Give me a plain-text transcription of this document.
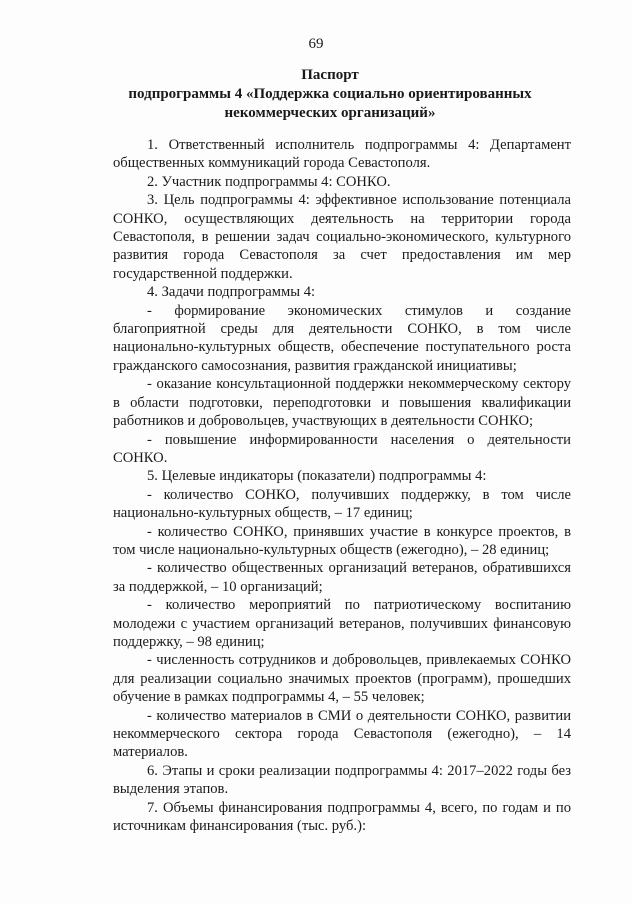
69
Паспорт
подпрограммы 4 «Поддержка социально ориентированных
некоммерческих организаций»

1. Ответственный исполнитель подпрограммы 4: Департамент общественных коммуникаций города Севастополя.

2. Участник подпрограммы 4: СОНКО.

3. Цель подпрограммы 4: эффективное использование потенциала СОНКО, осуществляющих деятельность на территории города Севастополя, в решении задач социально-экономического, культурного развития города Севастополя за счет предоставления им мер государственной поддержки.

4. Задачи подпрограммы 4:

- формирование экономических стимулов и создание благоприятной среды для деятельности СОНКО, в том числе национально-культурных обществ, обеспечение поступательного роста гражданского самосознания, развития гражданской инициативы;

- оказание консультационной поддержки некоммерческому сектору в области подготовки, переподготовки и повышения квалификации работников и добровольцев, участвующих в деятельности СОНКО;

- повышение информированности населения о деятельности СОНКО.

5. Целевые индикаторы (показатели) подпрограммы 4:

- количество СОНКО, получивших поддержку, в том числе национально-культурных обществ, – 17 единиц;

- количество СОНКО, принявших участие в конкурсе проектов, в том числе национально-культурных обществ (ежегодно), – 28 единиц;

- количество общественных организаций ветеранов, обратившихся за поддержкой, – 10 организаций;

- количество мероприятий по патриотическому воспитанию молодежи с участием организаций ветеранов, получивших финансовую поддержку, – 98 единиц;

- численность сотрудников и добровольцев, привлекаемых СОНКО для реализации социально значимых проектов (программ), прошедших обучение в рамках подпрограммы 4, – 55 человек;

- количество материалов в СМИ о деятельности СОНКО, развитии некоммерческого сектора города Севастополя (ежегодно), – 14 материалов.

6. Этапы и сроки реализации подпрограммы 4: 2017–2022 годы без выделения этапов.

7. Объемы финансирования подпрограммы 4, всего, по годам и по источникам финансирования (тыс. руб.):
